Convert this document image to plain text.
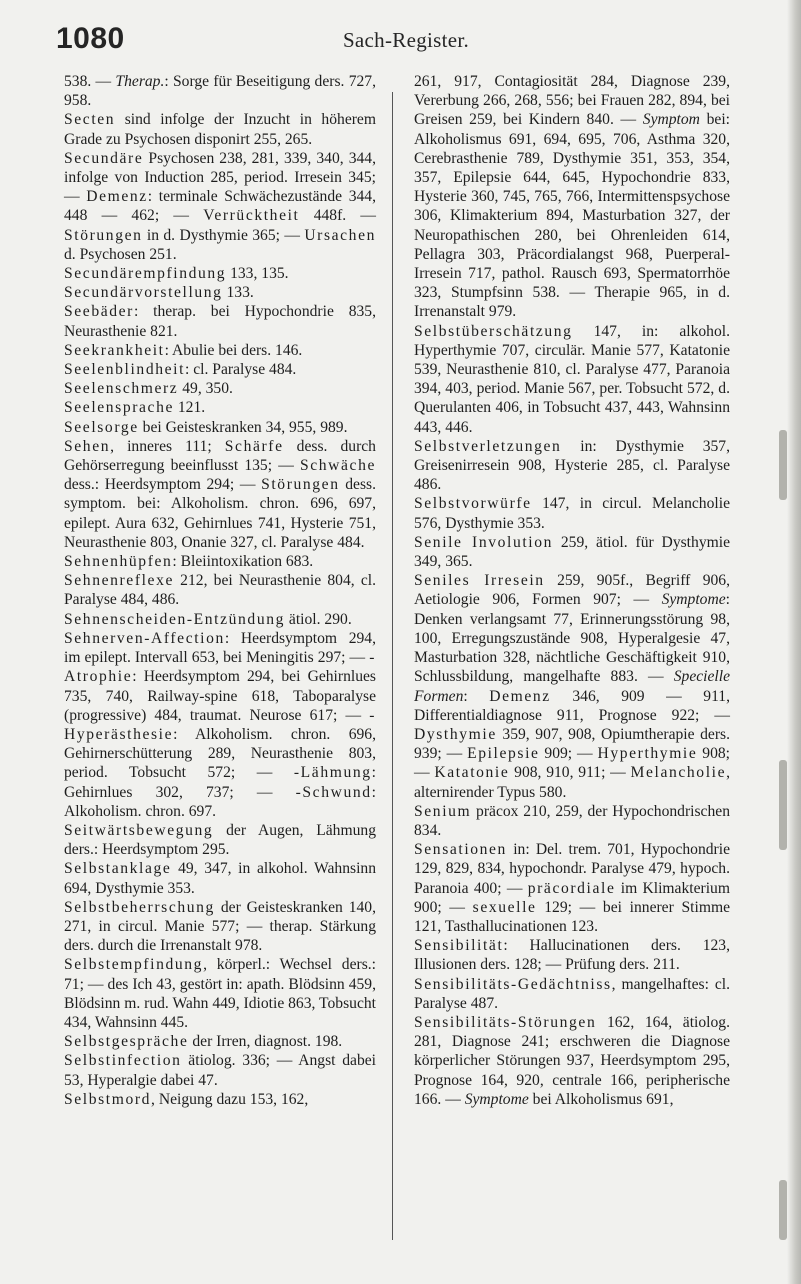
1080	Sach-Register.

538. — Therap.: Sorge für Beseitigung ders. 727, 958.

Secten sind infolge der Inzucht in höherem Grade zu Psychosen disponirt 255, 265.

Secundäre Psychosen 238, 281, 339, 340, 344, infolge von Induction 285, period. Irresein 345; — Demenz: terminale Schwächezustände 344, 448 — 462; — Verrücktheit 448f. — Störungen in d. Dysthymie 365; — Ursachen d. Psychosen 251.

Secundärempfindung 133, 135.

Secundärvorstellung 133.

Seebäder: therap. bei Hypochondrie 835, Neurasthenie 821.

Seekrankheit: Abulie bei ders. 146.

Seelenblindheit: cl. Paralyse 484.

Seelenschmerz 49, 350.

Seelensprache 121.

Seelsorge bei Geisteskranken 34, 955, 989.

Sehen, inneres 111; Schärfe dess. durch Gehörserregung beeinflusst 135; — Schwäche dess.: Heerdsymptom 294; — Störungen dess. symptom. bei: Alkoholism. chron. 696, 697, epilept. Aura 632, Gehirnlues 741, Hysterie 751, Neurasthenie 803, Onanie 327, cl. Paralyse 484.

Sehnenhüpfen: Bleiintoxikation 683.

Sehnenreflexe 212, bei Neurasthenie 804, cl. Paralyse 484, 486.

Sehnenscheiden-Entzündung ätiol. 290.

Sehnerven-Affection: Heerdsymptom 294, im epilept. Intervall 653, bei Meningitis 297; — -Atrophie: Heerdsymptom 294, bei Gehirnlues 735, 740, Railway-spine 618, Taboparalyse (progressive) 484, traumat. Neurose 617; — -Hyperästhesie: Alkoholism. chron. 696, Gehirnerschütterung 289, Neurasthenie 803, period. Tobsucht 572; — -Lähmung: Gehirnlues 302, 737; — -Schwund: Alkoholism. chron. 697.

Seitwärtsbewegung der Augen, Lähmung ders.: Heerdsymptom 295.

Selbstanklage 49, 347, in alkohol. Wahnsinn 694, Dysthymie 353.

Selbstbeherrschung der Geisteskranken 140, 271, in circul. Manie 577; — therap. Stärkung ders. durch die Irrenanstalt 978.

Selbstempfindung, körperl.: Wechsel ders.: 71; — des Ich 43, gestört in: apath. Blödsinn 459, Blödsinn m. rud. Wahn 449, Idiotie 863, Tobsucht 434, Wahnsinn 445.

Selbstgespräche der Irren, diagnost. 198.

Selbstinfection ätiolog. 336; — Angst dabei 53, Hyperalgie dabei 47.

Selbstmord, Neigung dazu 153, 162,

261, 917, Contagiosität 284, Diagnose 239, Vererbung 266, 268, 556; bei Frauen 282, 894, bei Greisen 259, bei Kindern 840. — Symptom bei: Alkoholismus 691, 694, 695, 706, Asthma 320, Cerebrasthenie 789, Dysthymie 351, 353, 354, 357, Epilepsie 644, 645, Hypochondrie 833, Hysterie 360, 745, 765, 766, Intermittenspsychose 306, Klimakterium 894, Masturbation 327, der Neuropathischen 280, bei Ohrenleiden 614, Pellagra 303, Präcordialangst 968, Puerperal-Irresein 717, pathol. Rausch 693, Spermatorrhöe 323, Stumpfsinn 538. — Therapie 965, in d. Irrenanstalt 979.

Selbstüberschätzung 147, in: alkohol. Hyperthymie 707, circulär. Manie 577, Katatonie 539, Neurasthenie 810, cl. Paralyse 477, Paranoia 394, 403, period. Manie 567, per. Tobsucht 572, d. Querulanten 406, in Tobsucht 437, 443, Wahnsinn 443, 446.

Selbstverletzungen in: Dysthymie 357, Greisenirresein 908, Hysterie 285, cl. Paralyse 486.

Selbstvorwürfe 147, in circul. Melancholie 576, Dysthymie 353.

Senile Involution 259, ätiol. für Dysthymie 349, 365.

Seniles Irresein 259, 905f., Begriff 906, Aetiologie 906, Formen 907; — Symptome: Denken verlangsamt 77, Erinnerungsstörung 98, 100, Erregungszustände 908, Hyperalgesie 47, Masturbation 328, nächtliche Geschäftigkeit 910, Schlussbildung, mangelhafte 883. — Specielle Formen: Demenz 346, 909 — 911, Differentialdiagnose 911, Prognose 922; — Dysthymie 359, 907, 908, Opiumtherapie ders. 939; — Epilepsie 909; — Hyperthymie 908; — Katatonie 908, 910, 911; — Melancholie, alternirender Typus 580.

Senium präcox 210, 259, der Hypochondrischen 834.

Sensationen in: Del. trem. 701, Hypochondrie 129, 829, 834, hypochondr. Paralyse 479, hypoch. Paranoia 400; — präcordiale im Klimakterium 900; — sexuelle 129; — bei innerer Stimme 121, Tasthallucinationen 123.

Sensibilität: Hallucinationen ders. 123, Illusionen ders. 128; — Prüfung ders. 211.

Sensibilitäts-Gedächtniss, mangelhaftes: cl. Paralyse 487.

Sensibilitäts-Störungen 162, 164, ätiolog. 281, Diagnose 241; erschweren die Diagnose körperlicher Störungen 937, Heerdsymptom 295, Prognose 164, 920, centrale 166, peripherische 166. — Symptome bei Alkoholismus 691,
